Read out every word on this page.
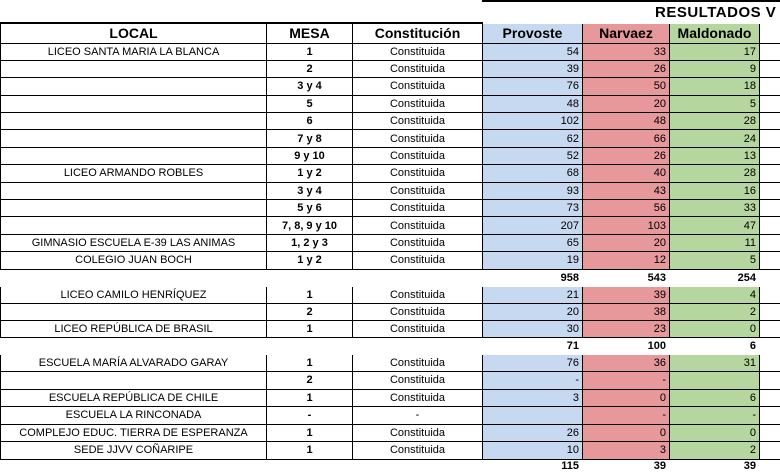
RESULTADOS V

LOCAL	MESA	Constitución	Provoste	Narvaez	Maldonado	
LICEO SANTA MARIA LA BLANCA	1	Constituida	54	33	17	
	2	Constituida	39	26	9	
	3 y 4	Constituida	76	50	18	
	5	Constituida	48	20	5	
	6	Constituida	102	48	28	
	7 y 8	Constituida	62	66	24	
	9 y 10	Constituida	52	26	13	
LICEO ARMANDO ROBLES	1 y 2	Constituida	68	40	28	
	3 y 4	Constituida	93	43	16	
	5 y 6	Constituida	73	56	33	
	7, 8, 9 y 10	Constituida	207	103	47	
GIMNASIO ESCUELA E-39 LAS ANIMAS	1, 2 y 3	Constituida	65	20	11	
COLEGIO JUAN BOCH	1 y 2	Constituida	19	12	5	
			958	543	254	
LICEO CAMILO HENRÍQUEZ	1	Constituida	21	39	4	
	2	Constituida	20	38	2	
LICEO REPÚBLICA DE BRASIL	1	Constituida	30	23	0	
			71	100	6	
ESCUELA MARÍA ALVARADO GARAY	1	Constituida	76	36	31	
	2	Constituida	-	-		
ESCUELA REPÚBLICA DE CHILE	1	Constituida	3	0	6	
ESCUELA LA RINCONADA	-	-		-	-	
COMPLEJO EDUC. TIERRA DE ESPERANZA	1	Constituida	26	0	0	
SEDE JJVV COÑARIPE	1	Constituida	10	3	2	
			115	39	39	
